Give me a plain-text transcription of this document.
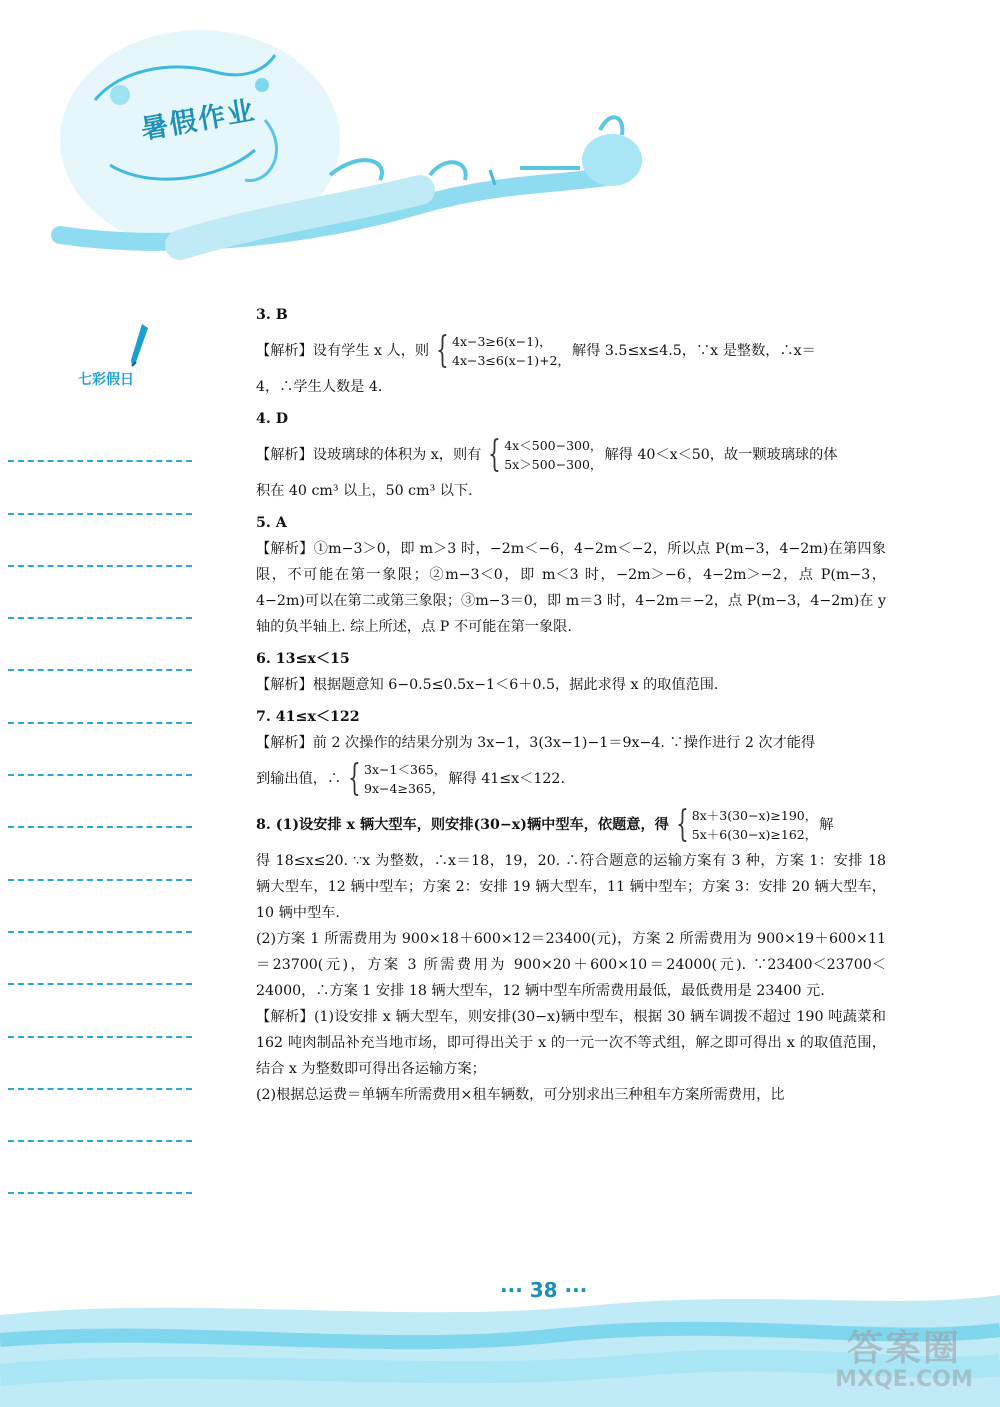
暑假作业
七彩假日

3. B

【解析】设有学生 x 人，则 { 4x−3≥6(x−1)，
4x−3≤6(x−1)+2，
解得 3.5≤x≤4.5，∵x 是整数，∴x＝

4，∴学生人数是 4.

4. D

【解析】设玻璃球的体积为 x，则有 { 4x＜500−300，
5x＞500−300，
解得 40＜x＜50，故一颗玻璃球的体

积在 40 cm³ 以上，50 cm³ 以下.

5. A

【解析】①m−3＞0，即 m＞3 时，−2m＜−6，4−2m＜−2，所以点 P(m−3，4−2m)在第四象限，不可能在第一象限；②m−3＜0，即 m＜3 时，−2m＞−6，4−2m＞−2，点 P(m−3，4−2m)可以在第二或第三象限；③m−3＝0，即 m＝3 时，4−2m＝−2，点 P(m−3，4−2m)在 y 轴的负半轴上. 综上所述，点 P 不可能在第一象限.

6. 13≤x＜15

【解析】根据题意知 6−0.5≤0.5x−1＜6＋0.5，据此求得 x 的取值范围.

7. 41≤x＜122

【解析】前 2 次操作的结果分别为 3x−1，3(3x−1)−1＝9x−4. ∵操作进行 2 次才能得

到输出值，∴ { 3x−1＜365，
9x−4≥365，
解得 41≤x＜122.
8. (1)设安排 x 辆大型车，则安排(30−x)辆中型车，依题意，得 { 8x＋3(30−x)≥190，
5x＋6(30−x)≥162，
解

得 18≤x≤20. ∵x 为整数，∴x＝18，19，20. ∴符合题意的运输方案有 3 种，方案 1：安排 18 辆大型车，12 辆中型车；方案 2：安排 19 辆大型车，11 辆中型车；方案 3：安排 20 辆大型车，10 辆中型车.

(2)方案 1 所需费用为 900×18＋600×12＝23400(元)，方案 2 所需费用为 900×19＋600×11＝23700(元)，方案 3 所需费用为 900×20＋600×10＝24000(元). ∵23400＜23700＜24000，∴方案 1 安排 18 辆大型车，12 辆中型车所需费用最低，最低费用是 23400 元.

【解析】(1)设安排 x 辆大型车，则安排(30−x)辆中型车，根据 30 辆车调拨不超过 190 吨蔬菜和 162 吨肉制品补充当地市场，即可得出关于 x 的一元一次不等式组，解之即可得出 x 的取值范围，结合 x 为整数即可得出各运输方案；

(2)根据总运费＝单辆车所需费用×租车辆数，可分别求出三种租车方案所需费用，比

··· 38 ···
答案圈
MXQE.COM
